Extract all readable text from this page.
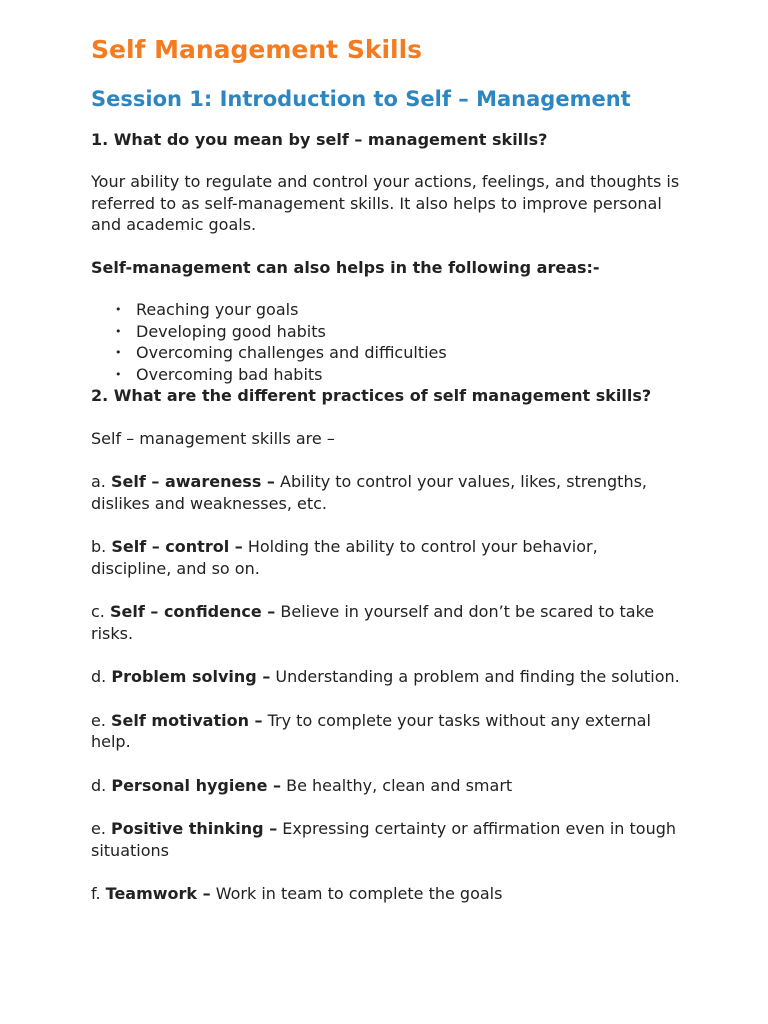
Self Management Skills
Session 1: Introduction to Self – Management

1. What do you mean by self – management skills?

Your ability to regulate and control your actions, feelings, and thoughts is referred to as self-management skills. It also helps to improve personal and academic goals.

Self-management can also helps in the following areas:-

• Reaching your goals
• Developing good habits
• Overcoming challenges and difficulties
• Overcoming bad habits

2. What are the different practices of self management skills?

Self – management skills are –

a. Self – awareness – Ability to control your values, likes, strengths, dislikes and weaknesses, etc.

b. Self – control – Holding the ability to control your behavior, discipline, and so on.

c. Self – confidence – Believe in yourself and don’t be scared to take risks.

d. Problem solving – Understanding a problem and finding the solution.

e. Self motivation – Try to complete your tasks without any external help.

d. Personal hygiene – Be healthy, clean and smart

e. Positive thinking – Expressing certainty or affirmation even in tough situations

f. Teamwork – Work in team to complete the goals
